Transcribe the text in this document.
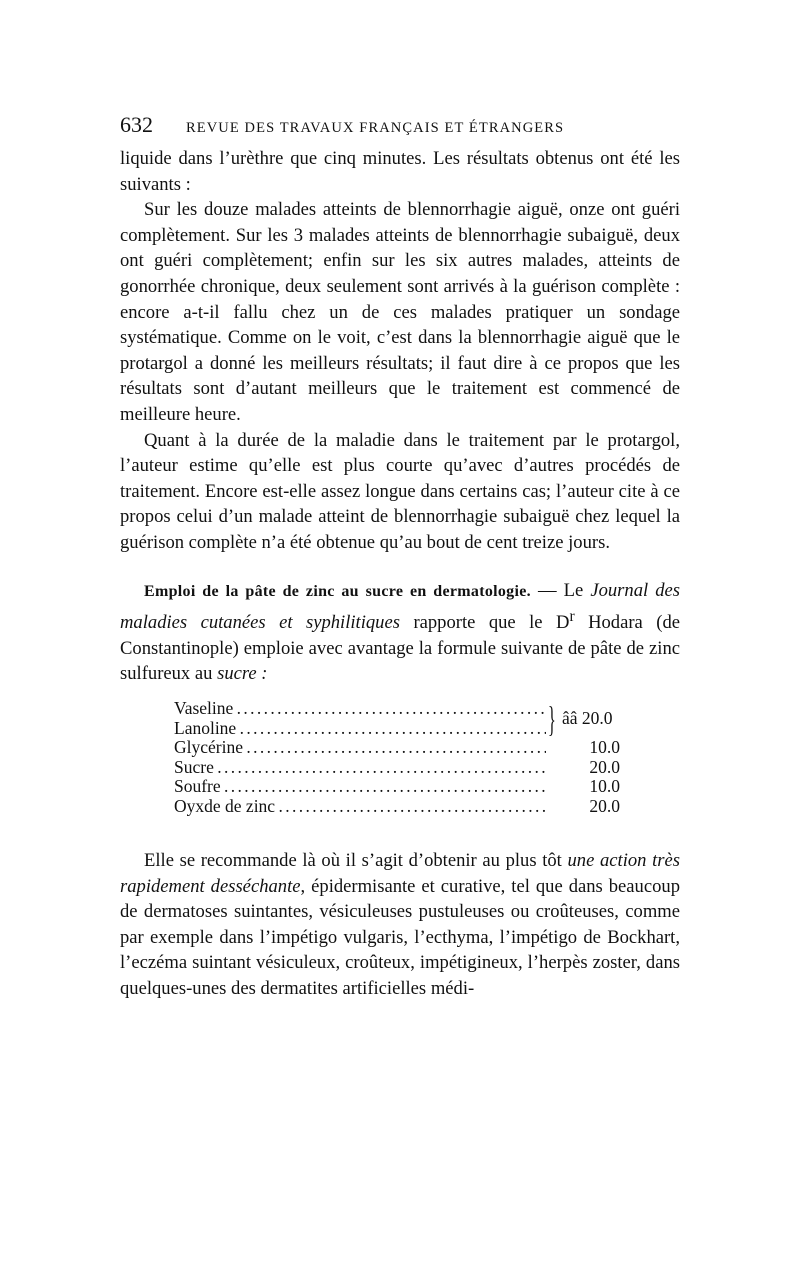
632	REVUE DES TRAVAUX FRANÇAIS ET ÉTRANGERS

liquide dans l’urèthre que cinq minutes. Les résultats obtenus ont été les suivants :

Sur les douze malades atteints de blennorrhagie aiguë, onze ont guéri complètement. Sur les 3 malades atteints de blennorrhagie subaiguë, deux ont guéri complètement; enfin sur les six autres malades, atteints de gonorrhée chronique, deux seulement sont arrivés à la guérison complète : encore a-t-il fallu chez un de ces malades pratiquer un sondage systématique. Comme on le voit, c’est dans la blennorrhagie aiguë que le protargol a donné les meilleurs résultats; il faut dire à ce propos que les résultats sont d’autant meilleurs que le traitement est commencé de meilleure heure.

Quant à la durée de la maladie dans le traitement par le protargol, l’auteur estime qu’elle est plus courte qu’avec d’autres procédés de traitement. Encore est-elle assez longue dans certains cas; l’auteur cite à ce propos celui d’un malade atteint de blennorrhagie subaiguë chez lequel la guérison complète n’a été obtenue qu’au bout de cent treize jours.

Emploi de la pâte de zinc au sucre en dermatologie. — Le Journal des maladies cutanées et syphilitiques rapporte que le $D^r$ Hodara (de Constantinople) emploie avec avantage la formule suivante de pâte de zinc sulfureux au sucre :

Vaseline . . .
Lanoline . . .	} ââ 20.0
Glycérine . . .	10.0
Sucre . . .	20.0
Soufre . . .	10.0
Oyxde de zinc . . .	20.0

Elle se recommande là où il s’agit d’obtenir au plus tôt une action très rapidement desséchante, épidermisante et curative, tel que dans beaucoup de dermatoses suintantes, vésiculeuses pustuleuses ou croûteuses, comme par exemple dans l’impétigo vulgaris, l’ecthyma, l’impétigo de Bockhart, l’eczéma suintant vésiculeux, croûteux, impétigineux, l’herpès zoster, dans quelques-unes des dermatites artificielles médi-
